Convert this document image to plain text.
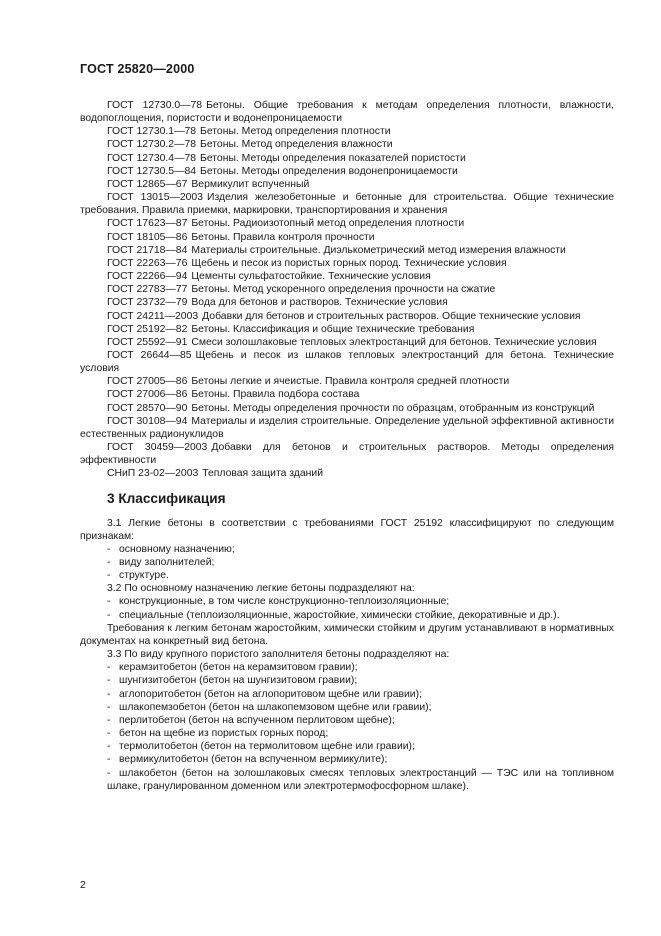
ГОСТ 25820—2000

ГОСТ 12730.0—78 Бетоны. Общие требования к методам определения плотности, влажности, водопоглощения, пористости и водонепроницаемости

ГОСТ 12730.1—78 Бетоны. Метод определения плотности

ГОСТ 12730.2—78 Бетоны. Метод определения влажности

ГОСТ 12730.4—78 Бетоны. Методы определения показателей пористости

ГОСТ 12730.5—84 Бетоны. Методы определения водонепроницаемости

ГОСТ 12865—67 Вермикулит вспученный

ГОСТ 13015—2003 Изделия железобетонные и бетонные для строительства. Общие технические требования. Правила приемки, маркировки, транспортирования и хранения

ГОСТ 17623—87 Бетоны. Радиоизотопный метод определения плотности

ГОСТ 18105—86 Бетоны. Правила контроля прочности

ГОСТ 21718—84 Материалы строительные. Диэлькометрический метод измерения влажности

ГОСТ 22263—76 Щебень и песок из пористых горных пород. Технические условия

ГОСТ 22266—94 Цементы сульфатостойкие. Технические условия

ГОСТ 22783—77 Бетоны. Метод ускоренного определения прочности на сжатие

ГОСТ 23732—79 Вода для бетонов и растворов. Технические условия

ГОСТ 24211—2003 Добавки для бетонов и строительных растворов. Общие технические условия

ГОСТ 25192—82 Бетоны. Классификация и общие технические требования

ГОСТ 25592—91 Смеси золошлаковые тепловых электростанций для бетонов. Технические условия

ГОСТ 26644—85 Щебень и песок из шлаков тепловых электростанций для бетона. Технические условия

ГОСТ 27005—86 Бетоны легкие и ячеистые. Правила контроля средней плотности

ГОСТ 27006—86 Бетоны. Правила подбора состава

ГОСТ 28570—90 Бетоны. Методы определения прочности по образцам, отобранным из конструкций

ГОСТ 30108—94 Материалы и изделия строительные. Определение удельной эффективной активности естественных радионуклидов

ГОСТ 30459—2003 Добавки для бетонов и строительных растворов. Методы определения эффективности

СНиП 23-02—2003 Тепловая защита зданий

3 Классификация

3.1 Легкие бетоны в соответствии с требованиями ГОСТ 25192 классифицируют по следующим признакам:

- основному назначению;

- виду заполнителей;

- структуре.

3.2 По основному назначению легкие бетоны подразделяют на:

- конструкционные, в том числе конструкционно-теплоизоляционные;

- специальные (теплоизоляционные, жаростойкие, химически стойкие, декоративные и др.).

Требования к легким бетонам жаростойким, химически стойким и другим устанавливают в нормативных документах на конкретный вид бетона.

3.3 По виду крупного пористого заполнителя бетоны подразделяют на:

- керамзитобетон (бетон на керамзитовом гравии);

- шунгизитобетон (бетон на шунгизитовом гравии);

- аглопоритобетон (бетон на аглопоритовом щебне или гравии);

- шлакопемзобетон (бетон на шлакопемзовом щебне или гравии);

- перлитобетон (бетон на вспученном перлитовом щебне);

- бетон на щебне из пористых горных пород;

- термолитобетон (бетон на термолитовом щебне или гравии);

- вермикулитобетон (бетон на вспученном вермикулите);

- шлакобетон (бетон на золошлаковых смесях тепловых электростанций — ТЭС или на топливном шлаке, гранулированном доменном или электротермофосфорном шлаке).

2
